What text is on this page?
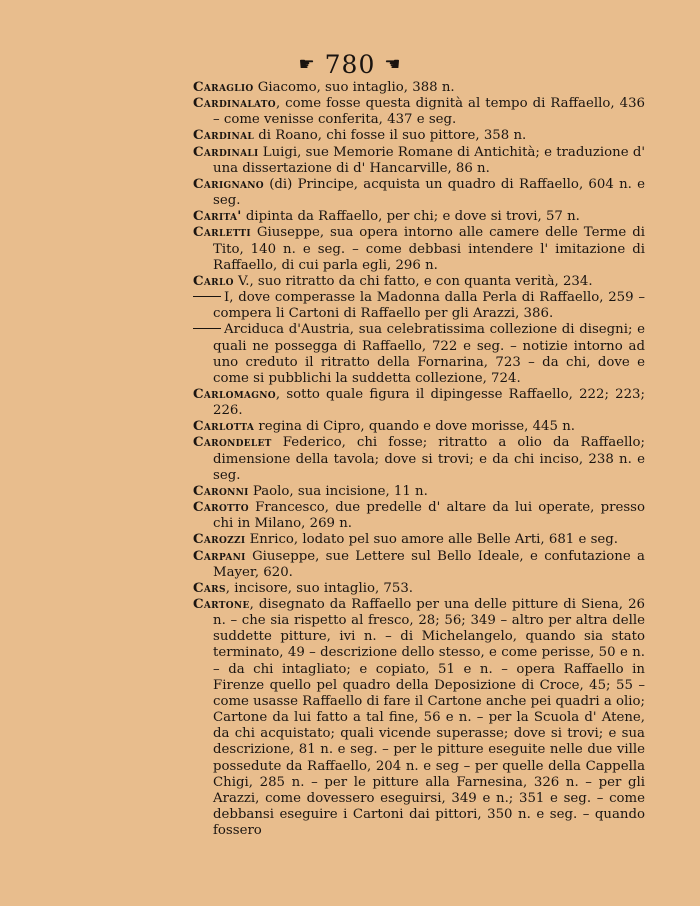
☛ 780 ☚
Caraglio Giacomo, suo intaglio, 388 n.
Cardinalato, come fosse questa dignità al tempo di Raffaello, 436 – come venisse conferita, 437 e seg.
Cardinal di Roano, chi fosse il suo pittore, 358 n.
Cardinali Luigi, sue Memorie Romane di Antichità; e traduzione d' una dissertazione di d' Hancarville, 86 n.
Carignano (di) Principe, acquista un quadro di Raffaello, 604 n. e seg.
Carita' dipinta da Raffaello, per chi; e dove si trovi, 57 n.
Carletti Giuseppe, sua opera intorno alle camere delle Terme di Tito, 140 n. e seg. – come debbasi intendere l' imitazione di Raffaello, di cui parla egli, 296 n.
Carlo V., suo ritratto da chi fatto, e con quanta verità, 234.
I, dove comperasse la Madonna dalla Perla di Raffaello, 259 – compera li Cartoni di Raffaello per gli Arazzi, 386.
Arciduca d'Austria, sua celebratissima collezione di disegni; e quali ne possegga di Raffaello, 722 e seg. – notizie intorno ad uno creduto il ritratto della Fornarina, 723 – da chi, dove e come si pubblichi la suddetta collezione, 724.
Carlomagno, sotto quale figura il dipingesse Raffaello, 222; 223; 226.
Carlotta regina di Cipro, quando e dove morisse, 445 n.
Carondelet Federico, chi fosse; ritratto a olio da Raffaello; dimensione della tavola; dove si trovi; e da chi inciso, 238 n. e seg.
Caronni Paolo, sua incisione, 11 n.
Carotto Francesco, due predelle d' altare da lui operate, presso chi in Milano, 269 n.
Carozzi Enrico, lodato pel suo amore alle Belle Arti, 681 e seg.
Carpani Giuseppe, sue Lettere sul Bello Ideale, e confutazione a Mayer, 620.
Cars, incisore, suo intaglio, 753.
Cartone, disegnato da Raffaello per una delle pitture di Siena, 26 n. – che sia rispetto al fresco, 28; 56; 349 – altro per altra delle suddette pitture, ivi n. – di Michelangelo, quando sia stato terminato, 49 – descrizione dello stesso, e come perisse, 50 e n. – da chi intagliato; e copiato, 51 e n. – opera Raffaello in Firenze quello pel quadro della Deposizione di Croce, 45; 55 – come usasse Raffaello di fare il Cartone anche pei quadri a olio; Cartone da lui fatto a tal fine, 56 e n. – per la Scuola d' Atene, da chi acquistato; quali vicende superasse; dove si trovi; e sua descrizione, 81 n. e seg. – per le pitture eseguite nelle due ville possedute da Raffaello, 204 n. e seg – per quelle della Cappella Chigi, 285 n. – per le pitture alla Farnesina, 326 n. – per gli Arazzi, come dovessero eseguirsi, 349 e n.; 351 e seg. – come debbansi eseguire i Cartoni dai pittori, 350 n. e seg. – quando fossero
